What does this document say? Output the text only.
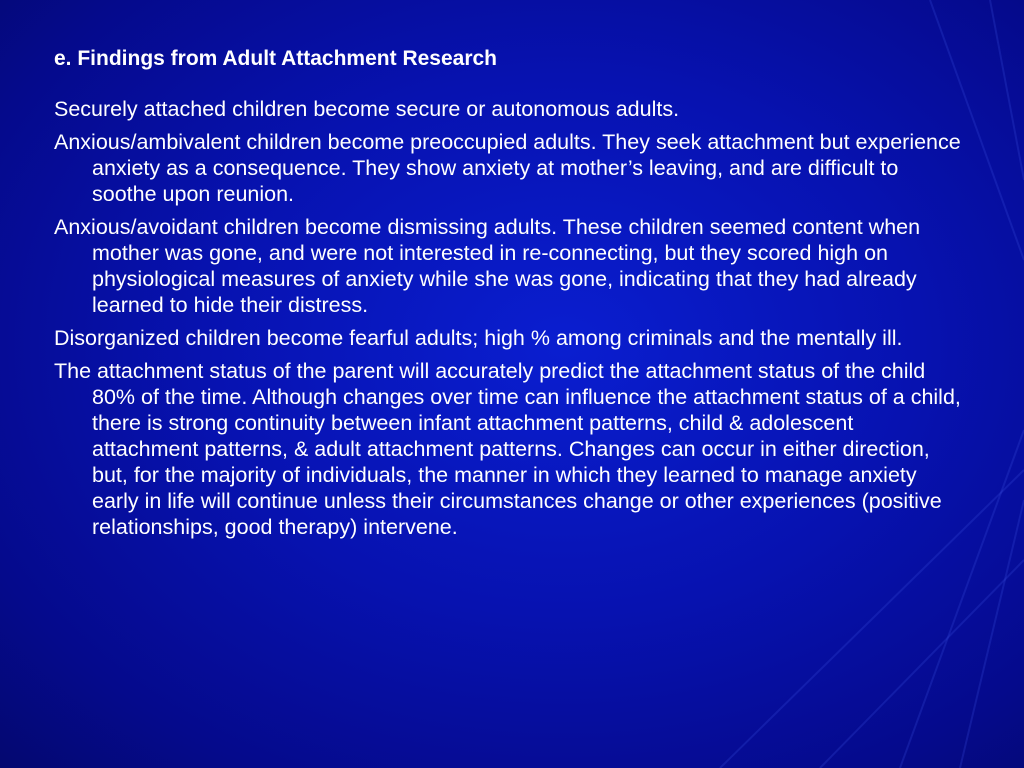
e. Findings from Adult Attachment Research
Securely attached children become secure or autonomous adults.
Anxious/ambivalent children become preoccupied adults. They seek attachment but experience anxiety as a consequence. They show anxiety at mother’s leaving, and are difficult to soothe upon reunion.
Anxious/avoidant children become dismissing adults. These children seemed content when mother was gone, and were not interested in re-connecting, but they scored high on physiological measures of anxiety while she was gone, indicating that they had already learned to hide their distress.
Disorganized children become fearful adults; high % among criminals and the mentally ill.
The attachment status of the parent will accurately predict the attachment status of the child 80% of the time. Although changes over time can influence the attachment status of a child, there is strong continuity between infant attachment patterns, child & adolescent attachment patterns, & adult attachment patterns. Changes can occur in either direction, but, for the majority of individuals, the manner in which they learned to manage anxiety early in life will continue unless their circumstances change or other experiences (positive relationships, good therapy) intervene.
